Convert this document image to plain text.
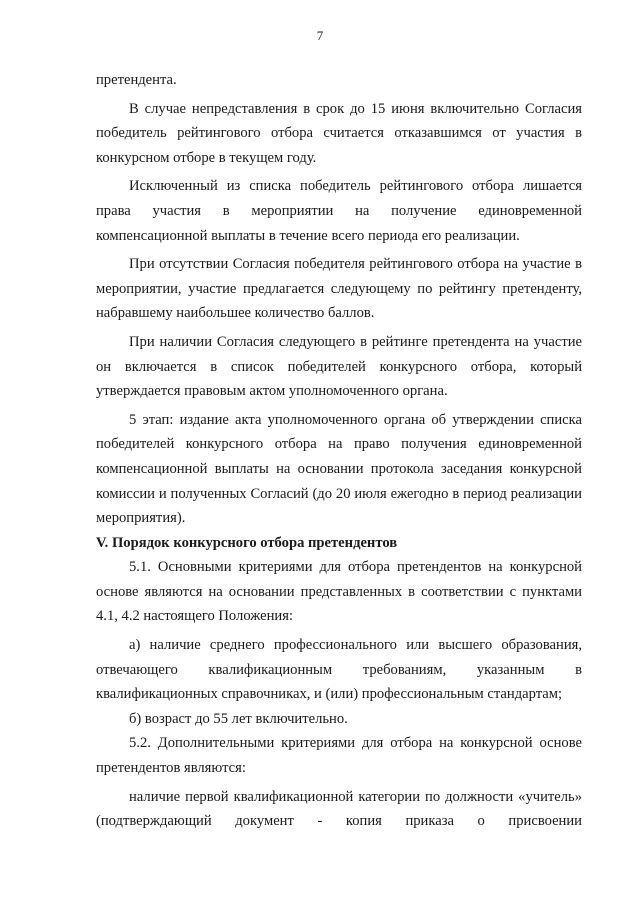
7

претендента.

В случае непредставления в срок до 15 июня включительно Согласия победитель рейтингового отбора считается отказавшимся от участия в конкурсном отборе в текущем году.

Исключенный из списка победитель рейтингового отбора лишается права участия в мероприятии на получение единовременной компенсационной выплаты в течение всего периода его реализации.

При отсутствии Согласия победителя рейтингового отбора на участие в мероприятии, участие предлагается следующему по рейтингу претенденту, набравшему наибольшее количество баллов.

При наличии Согласия следующего в рейтинге претендента на участие он включается в список победителей конкурсного отбора, который утверждается правовым актом уполномоченного органа.

5 этап: издание акта уполномоченного органа об утверждении списка победителей конкурсного отбора на право получения единовременной компенсационной выплаты на основании протокола заседания конкурсной комиссии и полученных Согласий (до 20 июля ежегодно в период реализации мероприятия).

V. Порядок конкурсного отбора претендентов

5.1. Основными критериями для отбора претендентов на конкурсной основе являются на основании представленных в соответствии с пунктами 4.1, 4.2 настоящего Положения:

а) наличие среднего профессионального или высшего образования, отвечающего квалификационным требованиям, указанным в квалификационных справочниках, и (или) профессиональным стандартам;

б) возраст до 55 лет включительно.

5.2. Дополнительными критериями для отбора на конкурсной основе претендентов являются:

наличие первой квалификационной категории по должности «учитель» (подтверждающий документ - копия приказа о присвоении
